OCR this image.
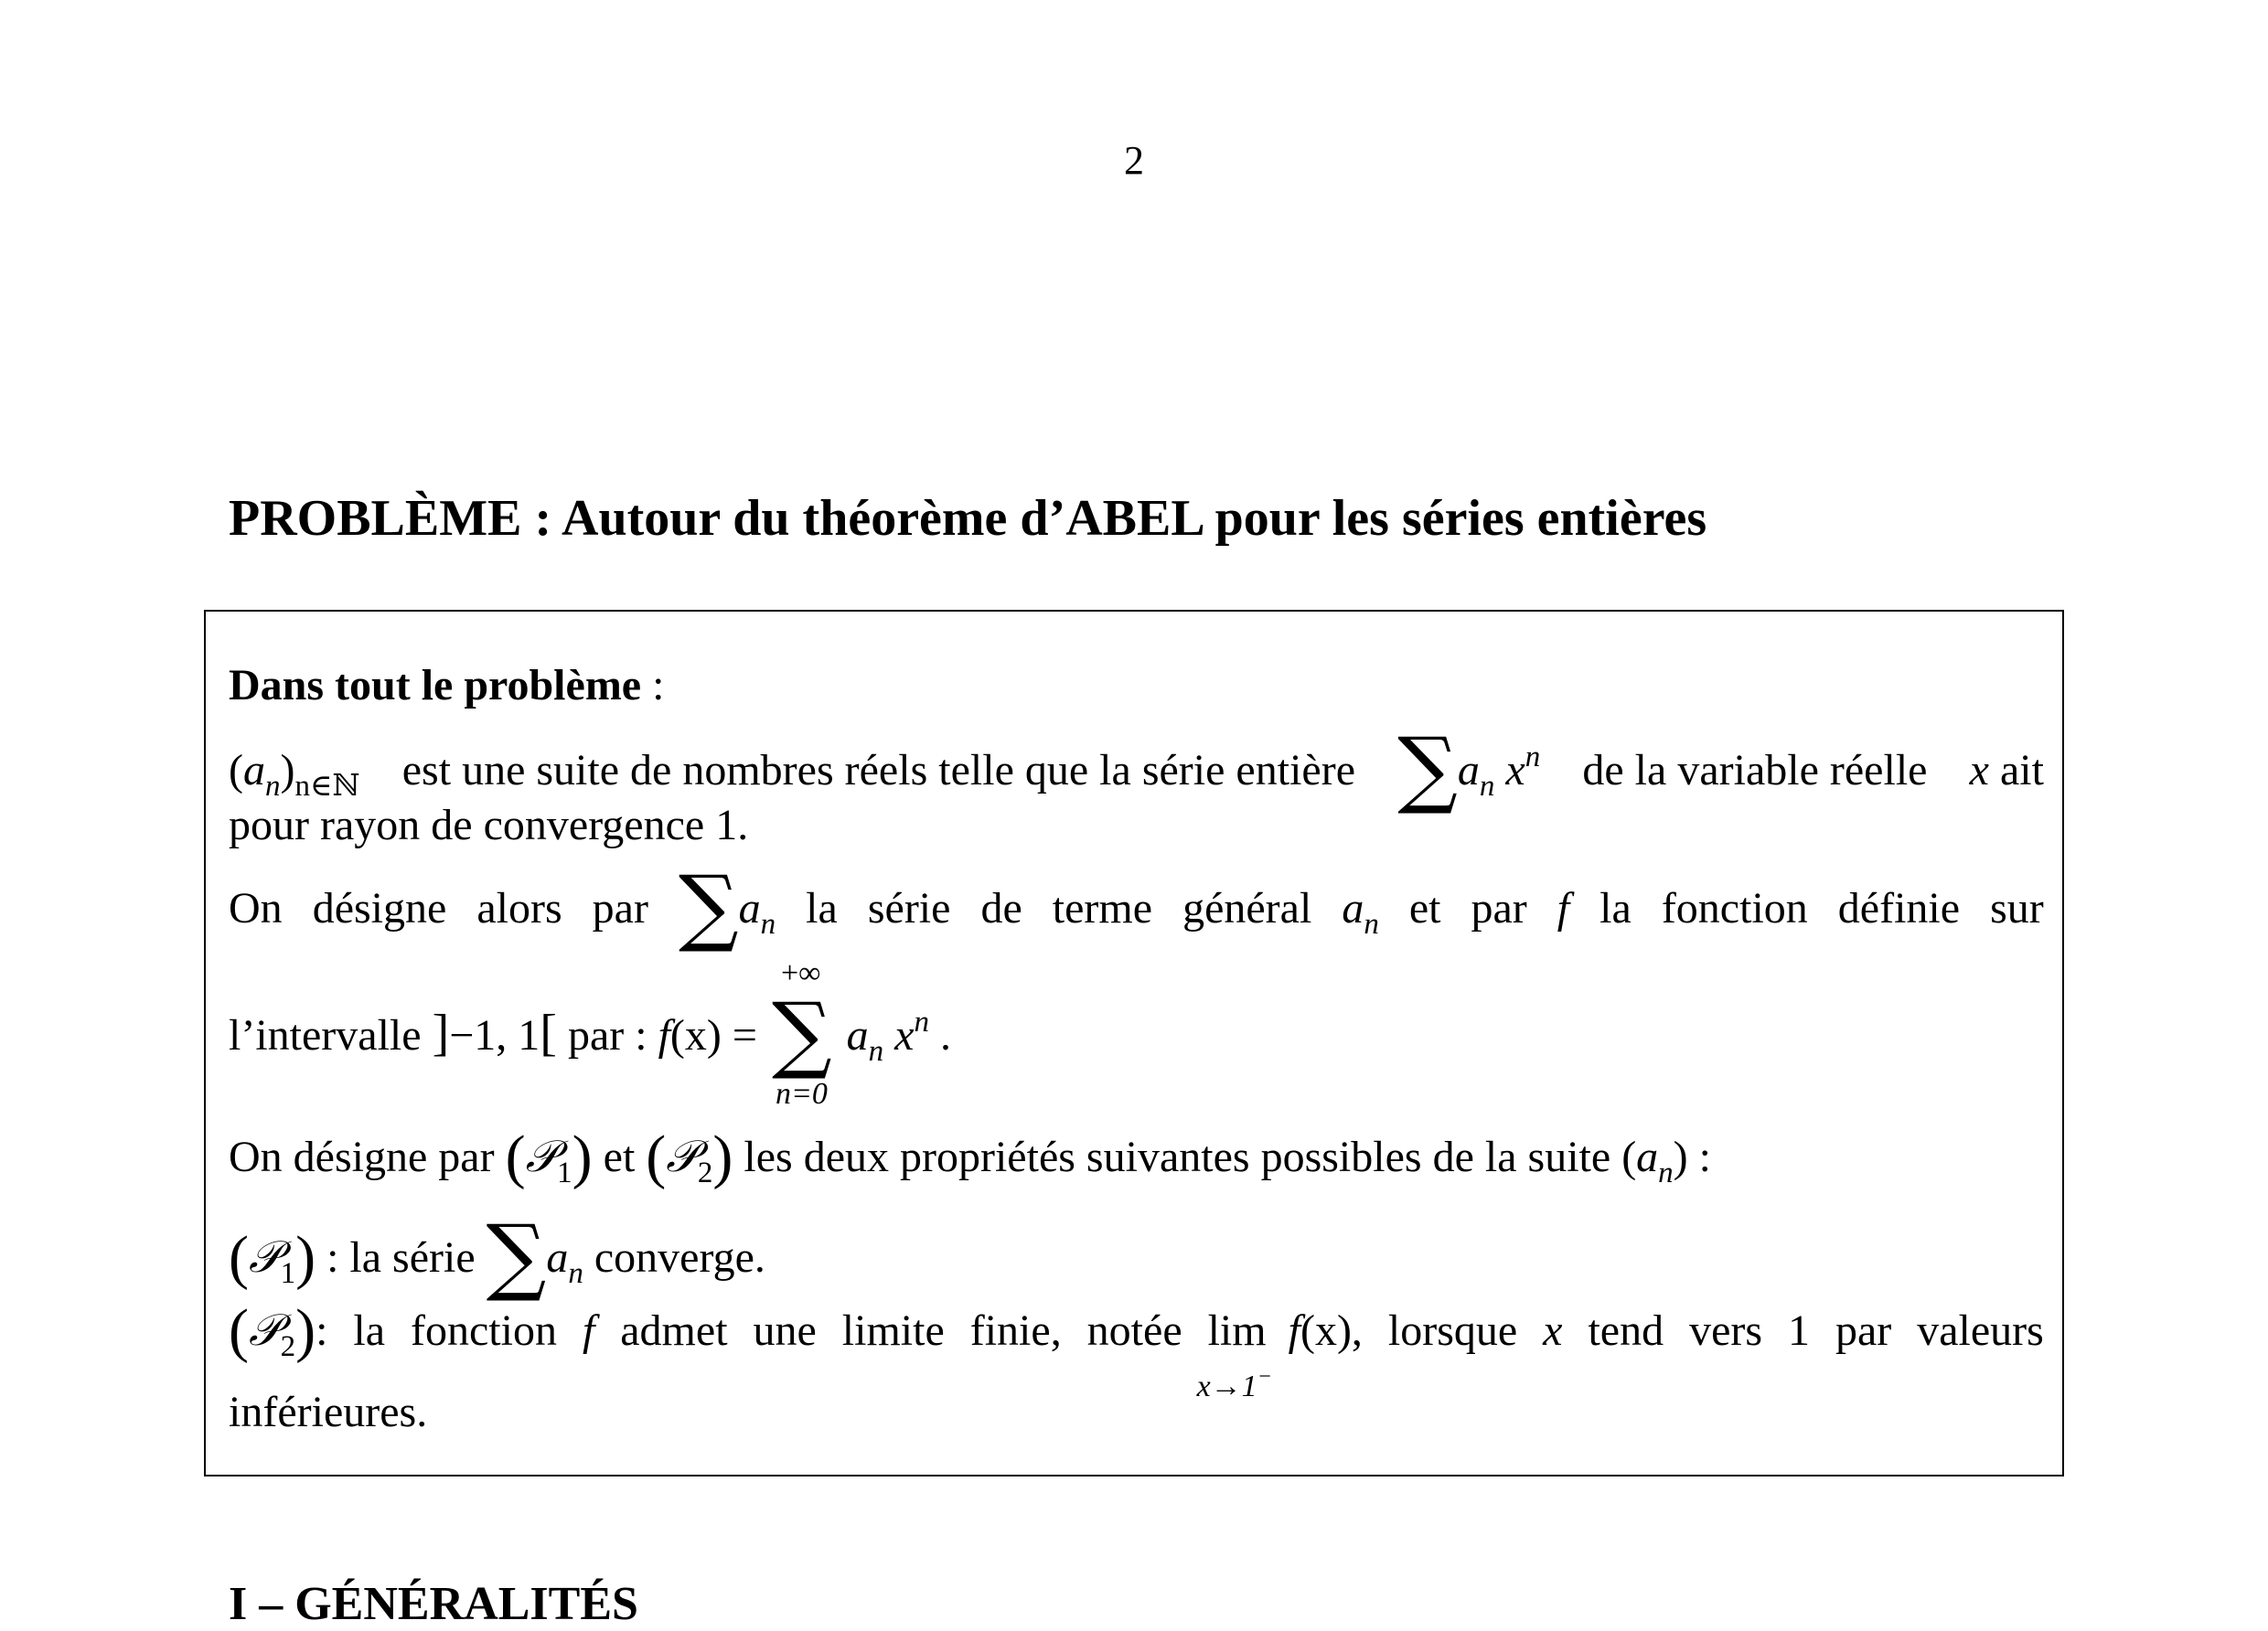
2
PROBLÈME : Autour du théorème d’ABEL pour les séries entières
Dans tout le problème :
$(a_n)_{n\in ℕ}$ est une suite de nombres réels telle que la série entière $\sum a_n$ $x^n$ de la variable réelle x ait
pour rayon de convergence 1.
On désigne alors par $\sum a_n$ la série de terme général $a_n$ et par f la fonction définie sur
l’intervalle ]−1, 1[ par : f(x) = ∑
+∞
n=0
$a_n$ $x^n$ .
On désigne par (𝒫$_1$) et (𝒫$_2$) les deux propriétés suivantes possibles de la suite $(a_n)$ :
(𝒫$_1$) : la série $\sum a_n$ converge.
(𝒫$_2$): la fonction f admet une limite finie, notée lim
x→1−
f(x), lorsque x tend vers 1 par valeurs
inférieures.
I – GÉNÉRALITÉS
